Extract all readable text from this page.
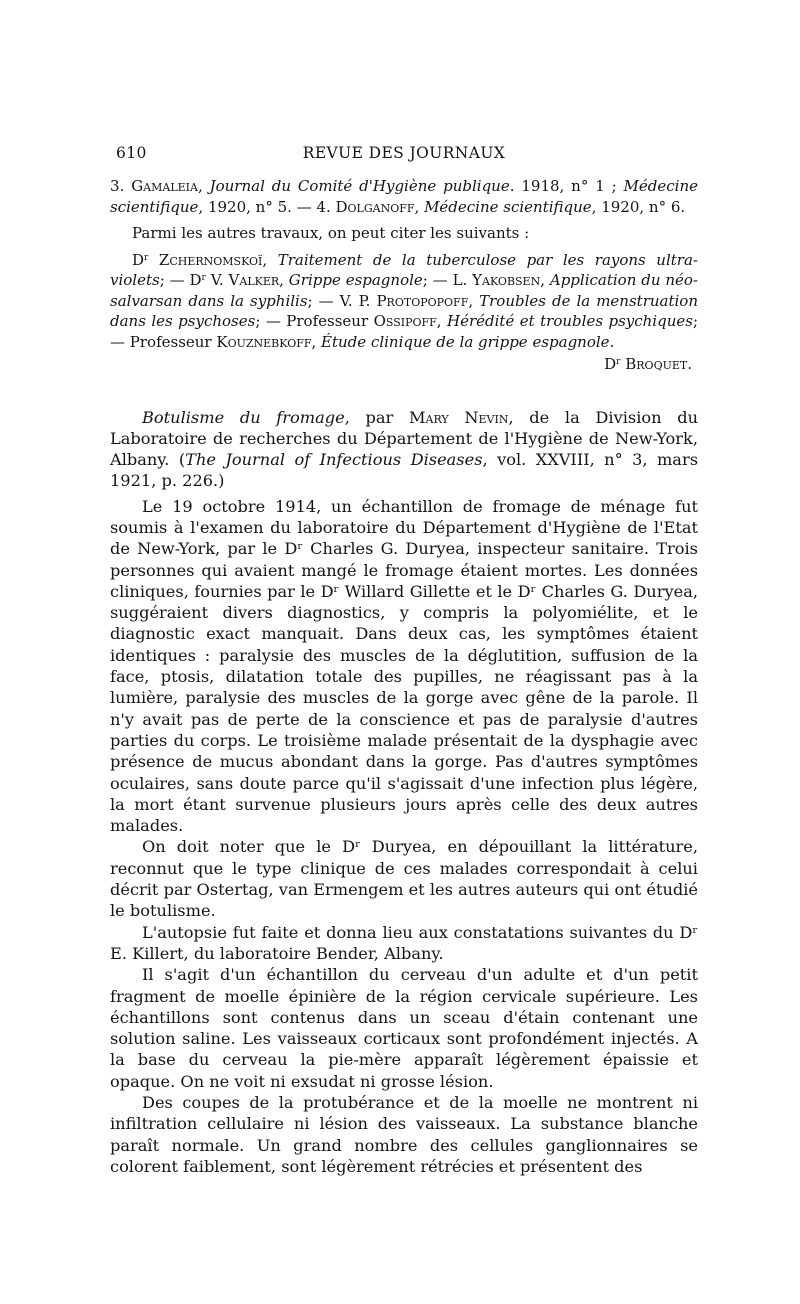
610	REVUE DES JOURNAUX

3. Gamaleia, Journal du Comité d'Hygiène publique. 1918, n° 1 ; Médecine scientifique, 1920, n° 5. — 4. Dolganoff, Médecine scientifique, 1920, n° 6.

Parmi les autres travaux, on peut citer les suivants :

$D^r$ Zchernomskoï, Traitement de la tuberculose par les rayons ultra-violets; — $D^r$ V. Valker, Grippe espagnole; — L. Yakobsen, Application du néo-salvarsan dans la syphilis; — V. P. Protopopoff, Troubles de la menstruation dans les psychoses; — Professeur Ossipoff, Hérédité et troubles psychiques; — Professeur Kouznebkoff, Étude clinique de la grippe espagnole.

$D^r$ Broquet.

Botulisme du fromage, par Mary Nevin, de la Division du Laboratoire de recherches du Département de l'Hygiène de New-York, Albany. (The Journal of Infectious Diseases, vol. XXVIII, n° 3, mars 1921, p. 226.)

Le 19 octobre 1914, un échantillon de fromage de ménage fut soumis à l'examen du laboratoire du Département d'Hygiène de l'Etat de New-York, par le Dʳ Charles G. Duryea, inspecteur sanitaire. Trois personnes qui avaient mangé le fromage étaient mortes. Les données cliniques, fournies par le Dʳ Willard Gillette et le Dʳ Charles G. Duryea, suggéraient divers diagnostics, y compris la polyomiélite, et le diagnostic exact manquait. Dans deux cas, les symptômes étaient identiques : paralysie des muscles de la déglutition, suffusion de la face, ptosis, dilatation totale des pupilles, ne réagissant pas à la lumière, paralysie des muscles de la gorge avec gêne de la parole. Il n'y avait pas de perte de la conscience et pas de paralysie d'autres parties du corps. Le troisième malade présentait de la dysphagie avec présence de mucus abondant dans la gorge. Pas d'autres symptômes oculaires, sans doute parce qu'il s'agissait d'une infection plus légère, la mort étant survenue plusieurs jours après celle des deux autres malades.

On doit noter que le Dʳ Duryea, en dépouillant la littérature, reconnut que le type clinique de ces malades correspondait à celui décrit par Ostertag, van Ermengem et les autres auteurs qui ont étudié le botulisme.

L'autopsie fut faite et donna lieu aux constatations suivantes du Dʳ E. Killert, du laboratoire Bender, Albany.

Il s'agit d'un échantillon du cerveau d'un adulte et d'un petit fragment de moelle épinière de la région cervicale supérieure. Les échantillons sont contenus dans un sceau d'étain contenant une solution saline. Les vaisseaux corticaux sont profondément injectés. A la base du cerveau la pie-mère apparaît légèrement épaissie et opaque. On ne voit ni exsudat ni grosse lésion.

Des coupes de la protubérance et de la moelle ne montrent ni infiltration cellulaire ni lésion des vaisseaux. La substance blanche paraît normale. Un grand nombre des cellules ganglionnaires se colorent faiblement, sont légèrement rétrécies et présentent des
